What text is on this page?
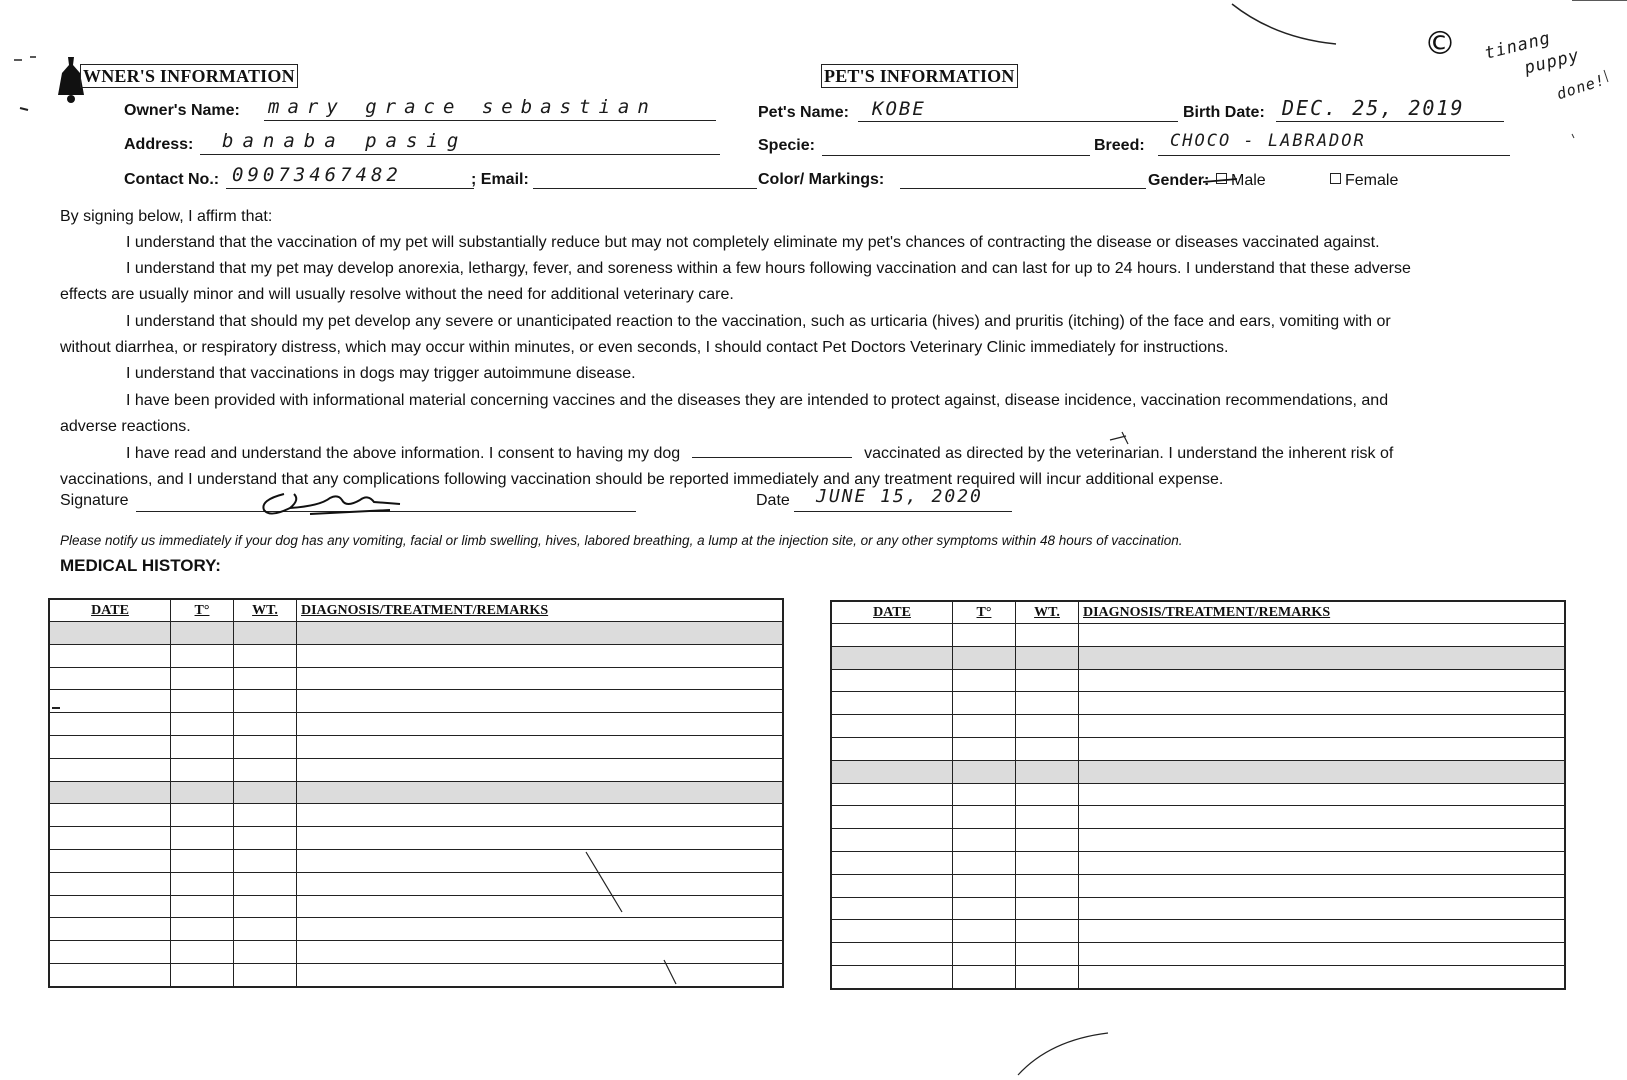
WNER'S INFORMATION
Owner's Name: mary grace sebastian
Address: banaba pasig
Contact No.: 09073467482	; Email:
PET'S INFORMATION
Pet's Name: KOBE	Birth Date: DEC. 25, 2019
Specie:	Breed: CHOCO - LABRADOR
Color/ Markings:	Gender:	Male	Female
© tinang
puppy
done!
By signing below, I affirm that:
I understand that the vaccination of my pet will substantially reduce but may not completely eliminate my pet's chances of contracting the disease or diseases vaccinated against.
I understand that my pet may develop anorexia, lethargy, fever, and soreness within a few hours following vaccination and can last for up to 24 hours. I understand that these adverse
effects are usually minor and will usually resolve without the need for additional veterinary care.
I understand that should my pet develop any severe or unanticipated reaction to the vaccination, such as urticaria (hives) and pruritis (itching) of the face and ears, vomiting with or
without diarrhea, or respiratory distress, which may occur within minutes, or even seconds, I should contact Pet Doctors Veterinary Clinic immediately for instructions.
I understand that vaccinations in dogs may trigger autoimmune disease.
I have been provided with informational material concerning vaccines and the diseases they are intended to protect against, disease incidence, vaccination recommendations, and
adverse reactions.
I have read and understand the above information. I consent to having my dog	vaccinated as directed by the veterinarian. I understand the inherent risk of
vaccinations, and I understand that any complications following vaccination should be reported immediately and any treatment required will incur additional expense.
Signature	Date JUNE 15, 2020
Please notify us immediately if your dog has any vomiting, facial or limb swelling, hives, labored breathing, a lump at the injection site, or any other symptoms within 48 hours of vaccination.
MEDICAL HISTORY:
DATE	T°	WT.	DIAGNOSIS/TREATMENT/REMARKS

				DATE	T°	WT.	DIAGNOSIS/TREATMENT/REMARKS
